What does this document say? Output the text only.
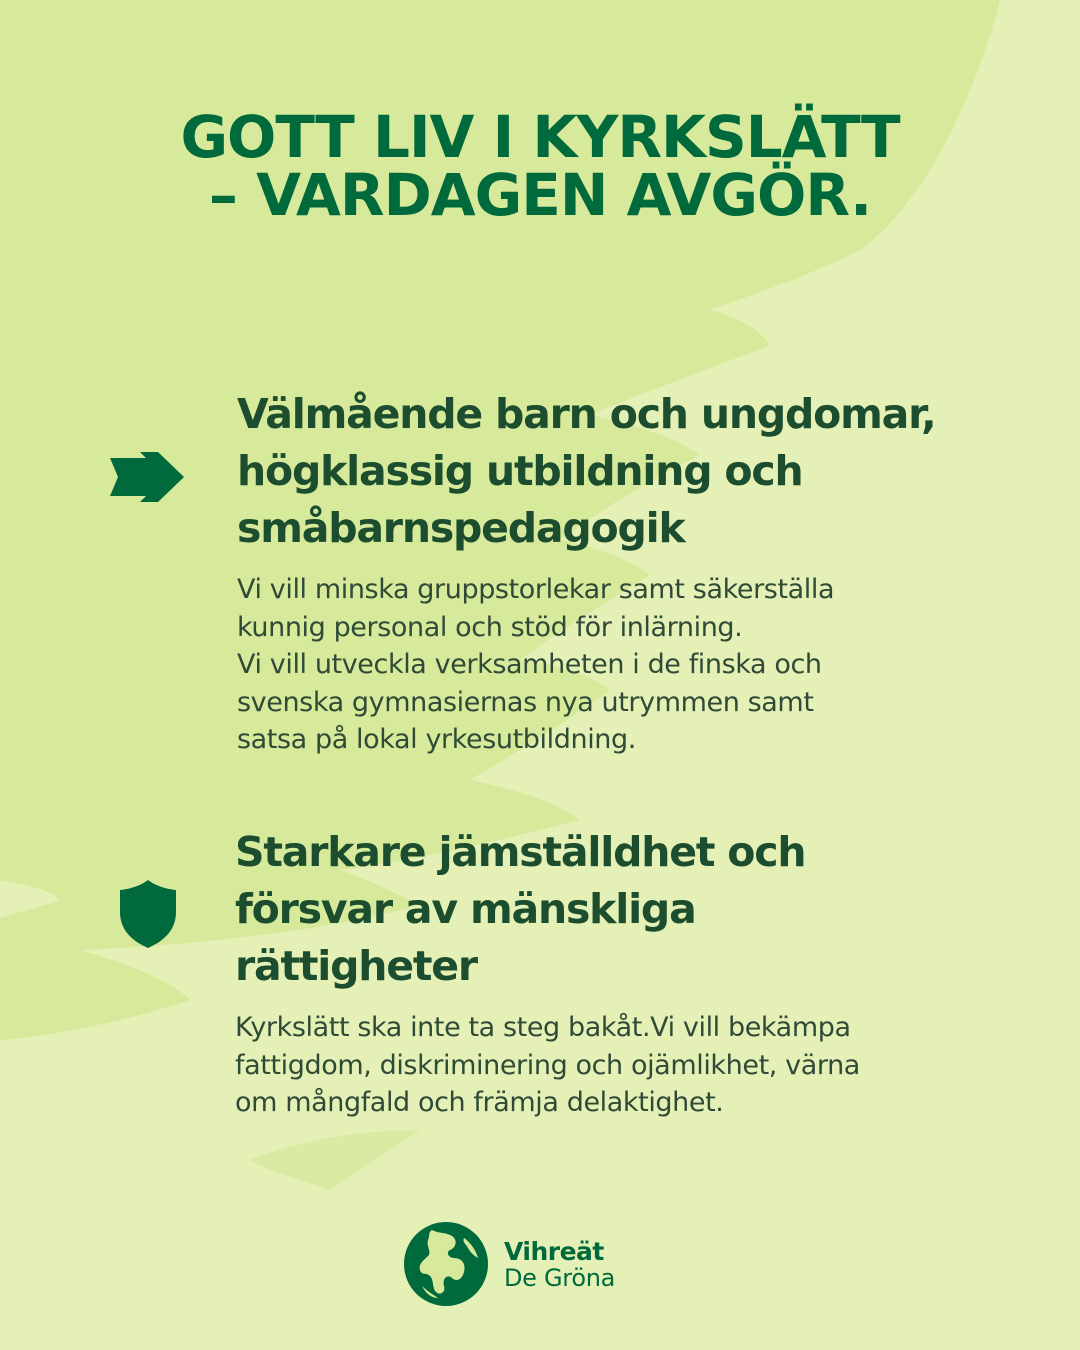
GOTT LIV I KYRKSLÄTT
– VARDAGEN AVGÖR.
Välmående barn och ungdomar,
högklassig utbildning och
småbarnspedagogik

Vi vill minska gruppstorlekar samt säkerställa
kunnig personal och stöd för inlärning.
Vi vill utveckla verksamheten i de finska och
svenska gymnasiernas nya utrymmen samt
satsa på lokal yrkesutbildning.

Starkare jämställdhet och
försvar av mänskliga
rättigheter

Kyrkslätt ska inte ta steg bakåt.Vi vill bekämpa
fattigdom, diskriminering och ojämlikhet, värna
om mångfald och främja delaktighet.

Vihreät
De Gröna
